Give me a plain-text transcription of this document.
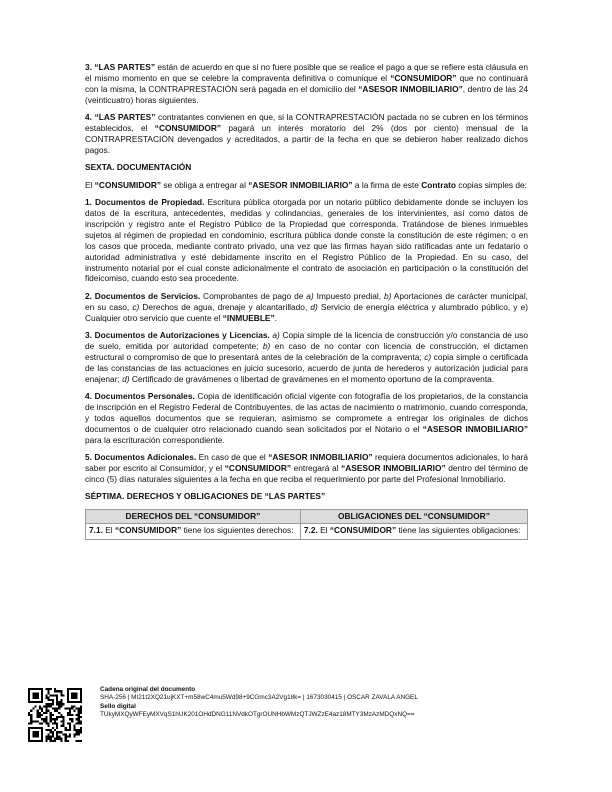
3. “LAS PARTES” están de acuerdo en que si no fuere posible que se realice el pago a que se refiere esta cláusula en el mismo momento en que se celebre la compraventa definitiva o comunique el “CONSUMIDOR” que no continuará con la misma, la CONTRAPRESTACIÓN será pagada en el domicilio del “ASESOR INMOBILIARIO”, dentro de las 24 (veinticuatro) horas siguientes.

4. “LAS PARTES” contratantes convienen en que, si la CONTRAPRESTACIÓN pactada no se cubren en los términos establecidos, el “CONSUMIDOR” pagará un interés moratorio del 2% (dos por ciento) mensual de la CONTRAPRESTACIÓN devengados y acreditados, a partir de la fecha en que se debieron haber realizado dichos pagos.

SEXTA. DOCUMENTACIÓN

El “CONSUMIDOR” se obliga a entregar al “ASESOR INMOBILIARIO” a la firma de este Contrato copias simples de:

1. Documentos de Propiedad. Escritura pública otorgada por un notario público debidamente donde se incluyen los datos de la escritura, antecedentes, medidas y colindancias, generales de los intervinientes, así como datos de inscripción y registro ante el Registro Público de la Propiedad que corresponda. Tratándose de bienes inmuebles sujetos al régimen de propiedad en condominio, escritura pública donde conste la constitución de este régimen; o en los casos que proceda, mediante contrato privado, una vez que las firmas hayan sido ratificadas ante un fedatario o autoridad administrativa y esté debidamente inscrito en el Registro Público de la Propiedad. En su caso, del instrumento notarial por el cual conste adicionalmente el contrato de asociación en participación o la constitución del fideicomiso, cuando esto sea procedente.

2. Documentos de Servicios. Comprobantes de pago de a) Impuesto predial, b) Aportaciones de carácter municipal, en su caso, c) Derechos de agua, drenaje y alcantarillado, d) Servicio de energía eléctrica y alumbrado público, y e) Cualquier otro servicio que cuente el “INMUEBLE”.

3. Documentos de Autorizaciones y Licencias. a) Copia simple de la licencia de construcción y/o constancia de uso de suelo, emitida por autoridad competente; b) en caso de no contar con licencia de construcción, el dictamen estructural o compromiso de que lo presentará antes de la celebración de la compraventa; c) copia simple o certificada de las constancias de las actuaciones en juicio sucesorio, acuerdo de junta de herederos y autorización judicial para enajenar; d) Certificado de gravámenes o libertad de gravámenes en el momento oportuno de la compraventa.

4. Documentos Personales. Copia de identificación oficial vigente con fotografía de los propietarios, de la constancia de inscripción en el Registro Federal de Contribuyentes, de las actas de nacimiento o matrimonio, cuando corresponda, y todos aquellos documentos que se requieran, asimismo se compromete a entregar los originales de dichos documentos o de cualquier otro relacionado cuando sean solicitados por el Notario o el “ASESOR INMOBILIARIO” para la escrituración correspondiente.

5. Documentos Adicionales. En caso de que el “ASESOR INMOBILIARIO” requiera documentos adicionales, lo hará saber por escrito al Consumidor, y el “CONSUMIDOR” entregará al “ASESOR INMOBILIARIO” dentro del término de cinco (5) días naturales siguientes a la fecha en que reciba el requerimiento por parte del Profesional Inmobiliario.

SÉPTIMA. DERECHOS Y OBLIGACIONES DE “LAS PARTES”

DERECHOS DEL “CONSUMIDOR”	OBLIGACIONES DEL “CONSUMIDOR”
7.1. El “CONSUMIDOR” tiene los siguientes derechos:	7.2. El “CONSUMIDOR” tiene las siguientes obligaciones:
Cadena original del documento
SHA-256 | MI21t2XQ21ujKXT+m58wC4mu5Wd98+9CGmc3A2Vg18k= | 1673030415 | OSCAR ZAVALA ANGEL
Sello digital
TUkyMXQyWFEyMXVqS1hUK201OHdDNG11NVdkOTgrOUNHbWMzQTJWZzE4az18MTY3MzAzMDQxNQ==
